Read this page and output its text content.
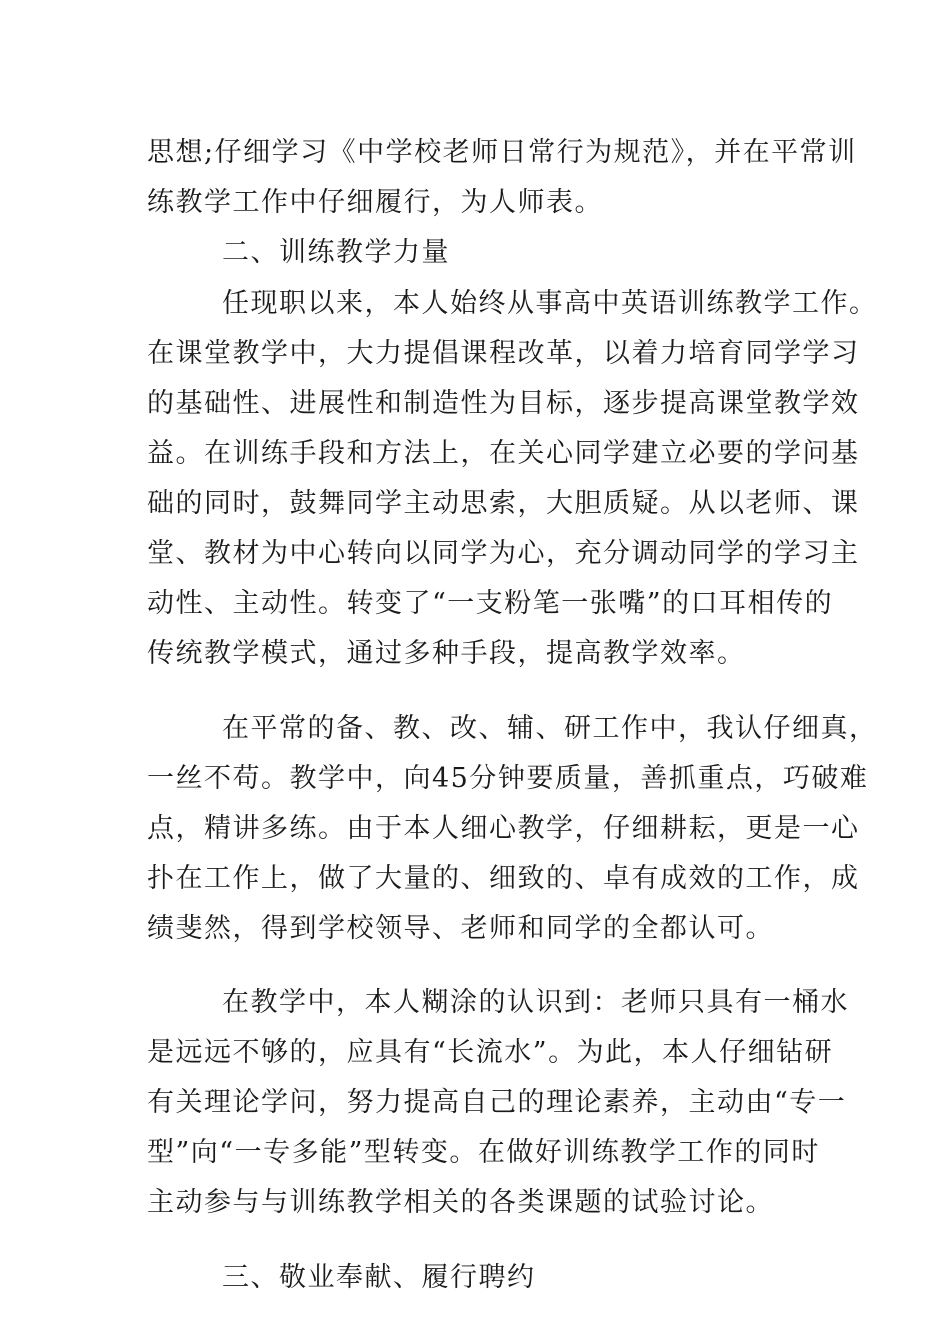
思想;仔细学习《中学校老师日常行为规范》，并在平常训
练教学工作中仔细履行，为人师表。
二、训练教学力量
任现职以来，本人始终从事高中英语训练教学工作。
在课堂教学中，大力提倡课程改革，以着力培育同学学习
的基础性、进展性和制造性为目标，逐步提高课堂教学效
益。在训练手段和方法上，在关心同学建立必要的学问基
础的同时，鼓舞同学主动思索，大胆质疑。从以老师、课
堂、教材为中心转向以同学为心，充分调动同学的学习主
动性、主动性。转变了“一支粉笔一张嘴”的口耳相传的
传统教学模式，通过多种手段，提高教学效率。
在平常的备、教、改、辅、研工作中，我认仔细真，
一丝不苟。教学中，向45分钟要质量，善抓重点，巧破难
点，精讲多练。由于本人细心教学，仔细耕耘，更是一心
扑在工作上，做了大量的、细致的、卓有成效的工作，成
绩斐然，得到学校领导、老师和同学的全都认可。
在教学中，本人糊涂的认识到：老师只具有一桶水
是远远不够的，应具有“长流水”。为此，本人仔细钻研
有关理论学问，努力提高自己的理论素养，主动由“专一
型”向“一专多能”型转变。在做好训练教学工作的同时
主动参与与训练教学相关的各类课题的试验讨论。
三、敬业奉献、履行聘约
